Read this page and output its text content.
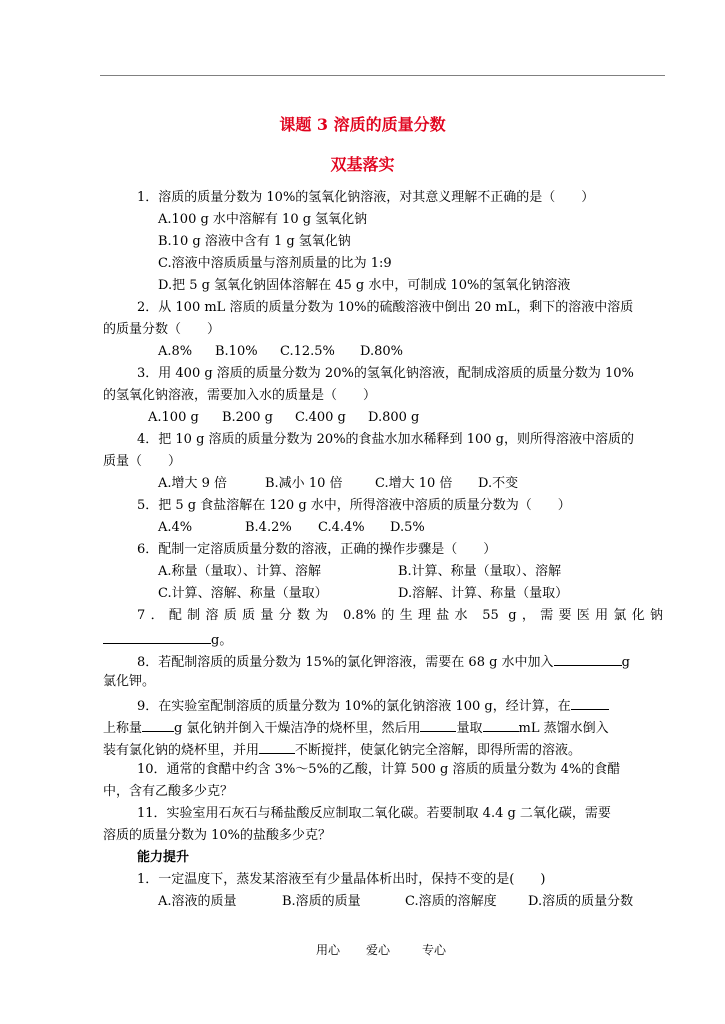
课题 3 溶质的质量分数
双基落实
1．溶质的质量分数为 10%的氢氧化钠溶液，对其意义理解不正确的是（　　）
A.100 g 水中溶解有 10 g 氢氧化钠
B.10 g 溶液中含有 1 g 氢氧化钠
C.溶液中溶质质量与溶剂质量的比为 1:9
D.把 5 g 氢氧化钠固体溶解在 45 g 水中，可制成 10%的氢氧化钠溶液
2．从 100 mL 溶质的质量分数为 10%的硫酸溶液中倒出 20 mL，剩下的溶液中溶质
的质量分数（　　）
A.8% B.10% C.12.5% D.80%
3．用 400 g 溶质的质量分数为 20%的氢氧化钠溶液，配制成溶质的质量分数为 10%
的氢氧化钠溶液，需要加入水的质量是（　　）
A.100 g B.200 g C.400 g D.800 g
4．把 10 g 溶质的质量分数为 20%的食盐水加水稀释到 100 g，则所得溶液中溶质的
质量（　　）
A.增大 9 倍	B.减小 10 倍	C.增大 10 倍 D.不变
5．把 5 g 食盐溶解在 120 g 水中，所得溶液中溶质的质量分数为（　　）
A.4%	B.4.2% C.4.4% D.5%
6．配制一定溶质质量分数的溶液，正确的操作步骤是（　　）
A.称量（量取）、计算、溶解	B.计算、称量（量取）、溶解
C.计算、溶解、称量（量取）	D.溶解、计算、称量（量取）
7．配制溶质质量分数为 0.8%的生理盐水 55 g，需要医用氯化钠
g。
8．若配制溶质的质量分数为 15%的氯化钾溶液，需要在 68 g 水中加入	g
氯化钾。
9．在实验室配制溶质的质量分数为 10%的氯化钠溶液 100 g，经计算，在
上称量 g 氯化钠并倒入干燥洁净的烧杯里，然后用	量取	mL 蒸馏水倒入
装有氯化钠的烧杯里，并用	不断搅拌，使氯化钠完全溶解，即得所需的溶液。
10．通常的食醋中约含 3%～5%的乙酸，计算 500 g 溶质的质量分数为 4%的食醋
中，含有乙酸多少克？
11．实验室用石灰石与稀盐酸反应制取二氧化碳。若要制取 4.4 g 二氧化碳，需要
溶质的质量分数为 10%的盐酸多少克？
能力提升
1．一定温度下，蒸发某溶液至有少量晶体析出时，保持不变的是(　　)
A.溶液的质量	B.溶质的质量	C.溶质的溶解度 D.溶质的质量分数
用心 爱心	专心
